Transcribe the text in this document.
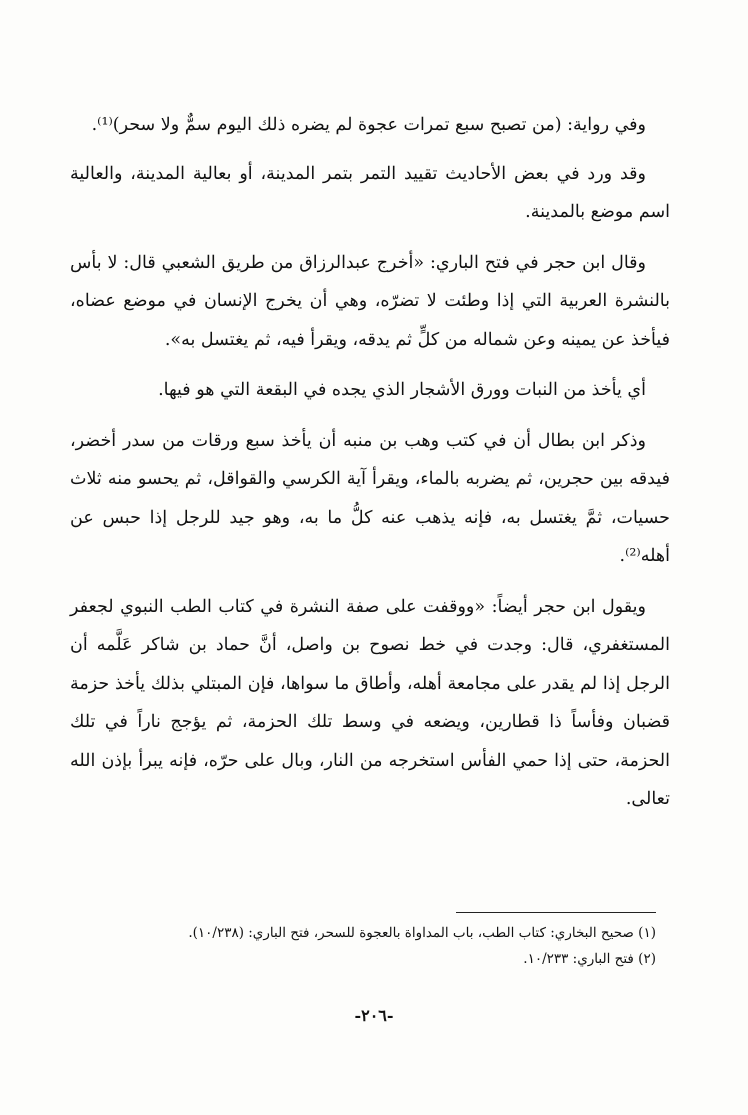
وفي رواية: (من تصبح سبع تمرات عجوة لم يضره ذلك اليوم سمٌّ ولا سحر)⁽¹⁾.

وقد ورد في بعض الأحاديث تقييد التمر بتمر المدينة، أو بعالية المدينة، والعالية اسم موضع بالمدينة.

وقال ابن حجر في فتح الباري: «أخرج عبدالرزاق من طريق الشعبي قال: لا بأس بالنشرة العربية التي إذا وطئت لا تضرّه، وهي أن يخرج الإنسان في موضع عضاه، فيأخذ عن يمينه وعن شماله من كلٍّ ثم يدقه، ويقرأ فيه، ثم يغتسل به».

أي يأخذ من النبات وورق الأشجار الذي يجده في البقعة التي هو فيها.

وذكر ابن بطال أن في كتب وهب بن منبه أن يأخذ سبع ورقات من سدر أخضر، فيدقه بين حجرين، ثم يضربه بالماء، ويقرأ آية الكرسي والقواقل، ثم يحسو منه ثلاث حسيات، ثمَّ يغتسل به، فإنه يذهب عنه كلُّ ما به، وهو جيد للرجل إذا حبس عن أهله⁽²⁾.

ويقول ابن حجر أيضاً: «ووقفت على صفة النشرة في كتاب الطب النبوي لجعفر المستغفري، قال: وجدت في خط نصوح بن واصل، أنَّ حماد بن شاكر عَلَّمه أن الرجل إذا لم يقدر على مجامعة أهله، وأطاق ما سواها، فإن المبتلي بذلك يأخذ حزمة قضبان وفأساً ذا قطارين، ويضعه في وسط تلك الحزمة، ثم يؤجج ناراً في تلك الحزمة، حتى إذا حمي الفأس استخرجه من النار، وبال على حرّه، فإنه يبرأ بإذن الله تعالى.

(١) صحيح البخاري: كتاب الطب، باب المداواة بالعجوة للسحر، فتح الباري: (١٠/٢٣٨).

(٢) فتح الباري: ١٠/٢٣٣.

-٢٠٦-
